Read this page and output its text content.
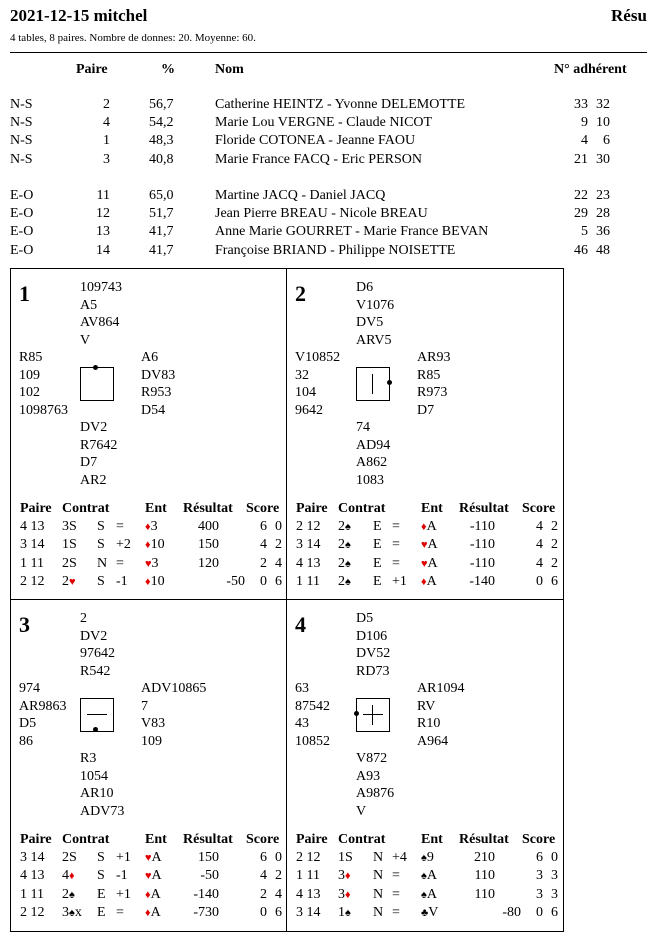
2021-12-15 mitchel	Résu
4 tables, 8 paires. Nombre de donnes: 20. Moyenne: 60.
Paire	%	Nom	N° adhérent
N-S	2	56,7	Catherine HEINTZ - Yvonne DELEMOTTE	33 32
N-S	4	54,2	Marie Lou VERGNE - Claude NICOT	9 10
N-S	1	48,3	Floride COTONEA - Jeanne FAOU	4	6
N-S	3	40,8	Marie France FACQ - Eric PERSON	21 30
E-O	11	65,0	Martine JACQ - Daniel JACQ	22 23
E-O	12	51,7	Jean Pierre BREAU - Nicole BREAU	29 28
E-O	13	41,7	Anne Marie GOURRET - Marie France BEVAN	5 36
E-O	14	41,7	Françoise BRIAND - Philippe NOISETTE	46 48
1	109743
A5
AV864
V
R85
109
102
1098763
A6
DV83
R953
D54
DV2
R7642
D7
AR2
Paire Contrat	Ent Résultat Score
4 13 3S S = ♦3	400	6 0
3 14 1S S +2 ♦10	150	4 2
1 11 2S N = ♥3	120	2 4
2 12 2♥ S -1 ♦10	-50 0 6
2	D6
V1076
DV5
ARV5
V10852
32
104
9642
AR93
R85
R973
D7
74
AD94
A862
1083
Paire Contrat	Ent Résultat Score
2 12 2♠ E = ♦A	-110	4 2
3 14 2♠ E = ♥A	-110	4 2
4 13 2♠ E = ♥A	-110	4 2
1 11 2♠ E +1 ♦A	-140	0 6
3	2
DV2
97642
R542
974
AR9863
D5
86
ADV10865
7
V83
109
R3
1054
AR10
ADV73
Paire Contrat	Ent Résultat Score
3 14 2S S +1 ♥A	150	6 0
4 13 4♦ S -1 ♥A	-50	4 2
1 11 2♠ E +1 ♦A	-140	2 4
2 12 3♠x E = ♦A	-730	0 6
4	D5
D106
DV52
RD73
63
87542
43
10852
AR1094
RV
R10
A964
V872
A93
A9876
V
Paire Contrat	Ent Résultat Score
2 12 1S N +4 ♠9	210	6 0
1 11 3♦ N = ♠A	110	3 3
4 13 3♦ N = ♠A	110	3 3
3 14 1♠ N = ♣V	-80 0 6
